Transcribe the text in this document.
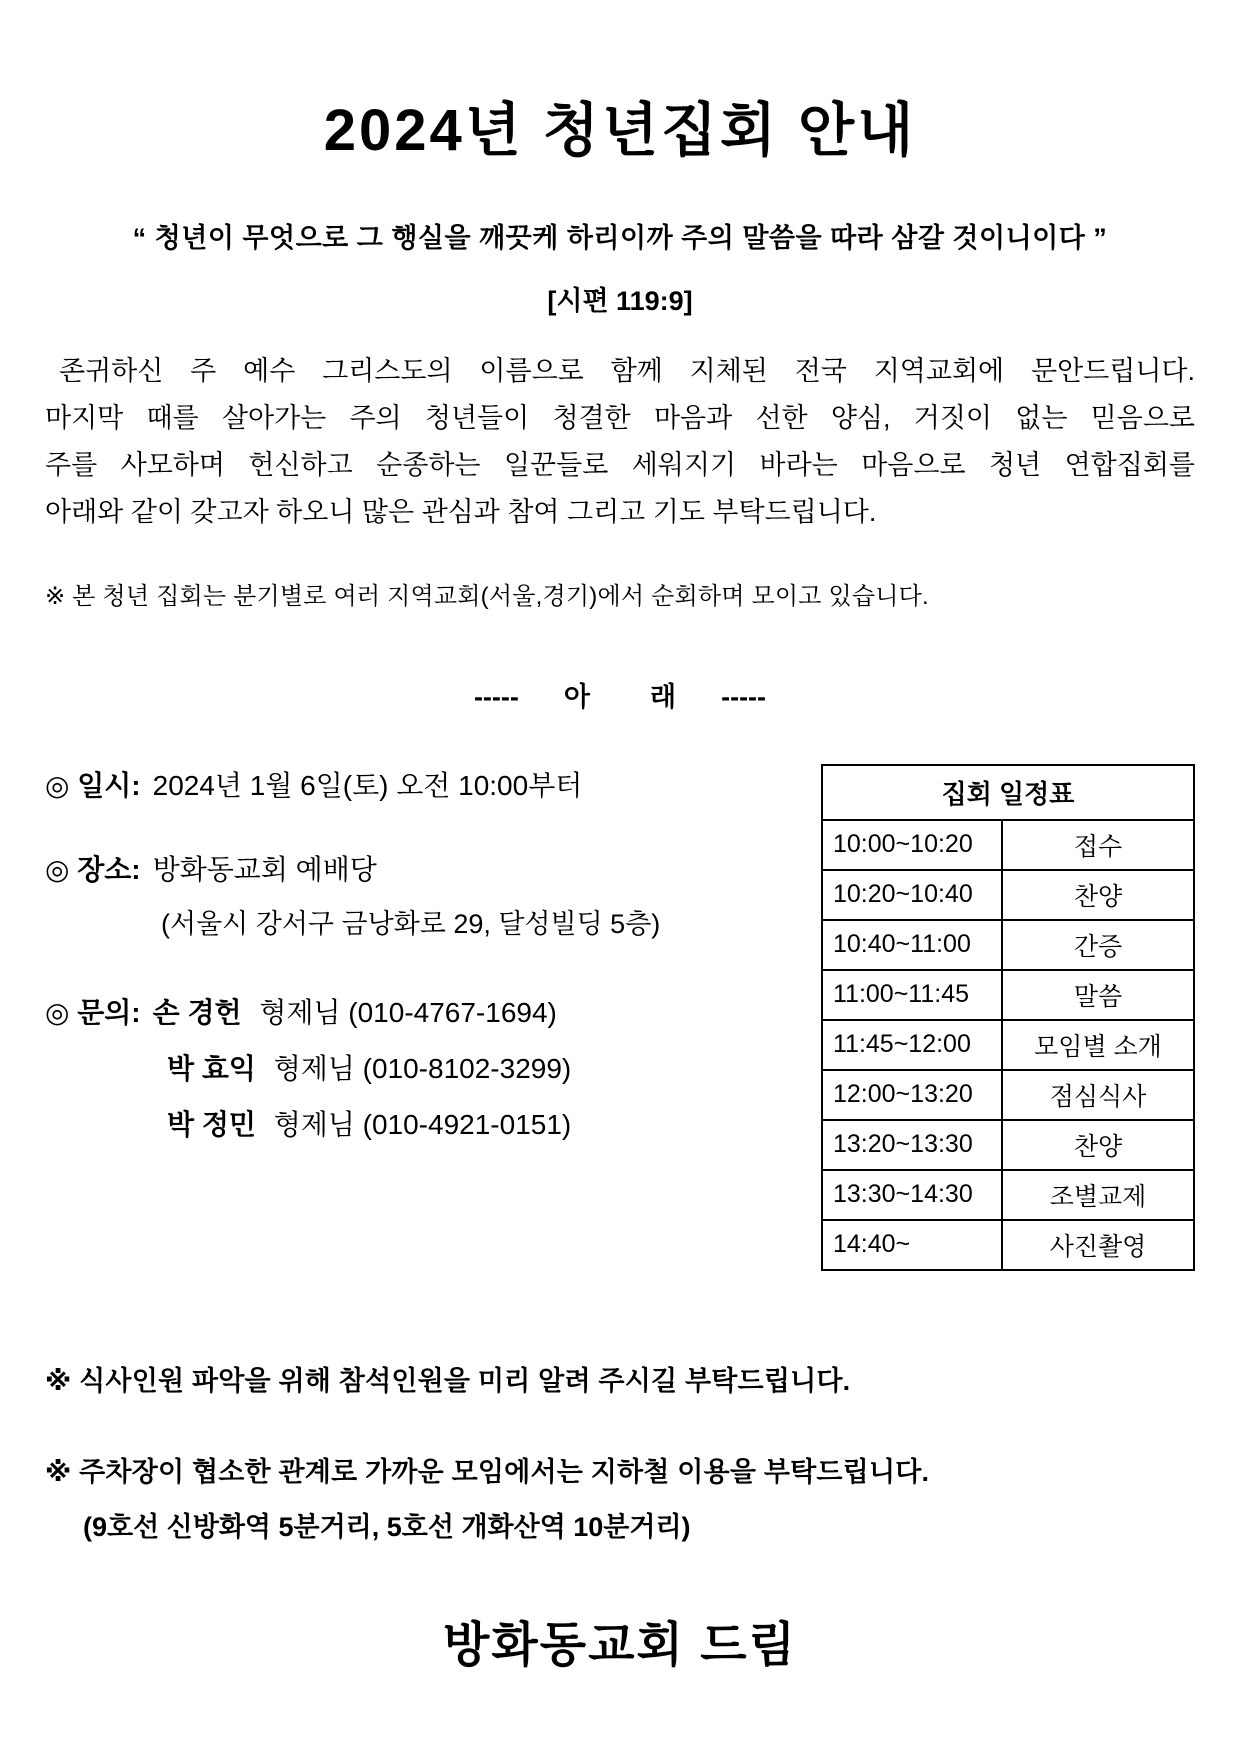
2024년 청년집회 안내
“ 청년이 무엇으로 그 행실을 깨끗케 하리이까 주의 말씀을 따라 삼갈 것이니이다 ”
[시편 119:9]
존귀하신 주 예수 그리스도의 이름으로 함께 지체된 전국 지역교회에 문안드립니다.
마지막 때를 살아가는 주의 청년들이 청결한 마음과 선한 양심, 거짓이 없는 믿음으로
주를 사모하며 헌신하고 순종하는 일꾼들로 세워지기 바라는 마음으로 청년 연합집회를
아래와 같이 갖고자 하오니 많은 관심과 참여 그리고 기도 부탁드립니다.
※ 본 청년 집회는 분기별로 여러 지역교회(서울,경기)에서 순회하며 모이고 있습니다.
-----      아        래      -----
◎ 일시: 2024년 1월 6일(토) 오전 10:00부터
◎ 장소: 방화동교회 예배당
(서울시 강서구 금낭화로 29, 달성빌딩 5층)
◎ 문의: 손 경헌 형제님 (010-4767-1694)
박 효익 형제님 (010-8102-3299)
박 정민 형제님 (010-4921-0151)
집회 일정표	
10:00~10:20	접수
10:20~10:40	찬양
10:40~11:00	간증
11:00~11:45	말씀
11:45~12:00	모임별 소개
12:00~13:20	점심식사
13:20~13:30	찬양
13:30~14:30	조별교제
14:40~	사진촬영
※ 식사인원 파악을 위해 참석인원을 미리 알려 주시길 부탁드립니다.
※ 주차장이 협소한 관계로 가까운 모임에서는 지하철 이용을 부탁드립니다.
(9호선 신방화역 5분거리, 5호선 개화산역 10분거리)
방화동교회 드림
